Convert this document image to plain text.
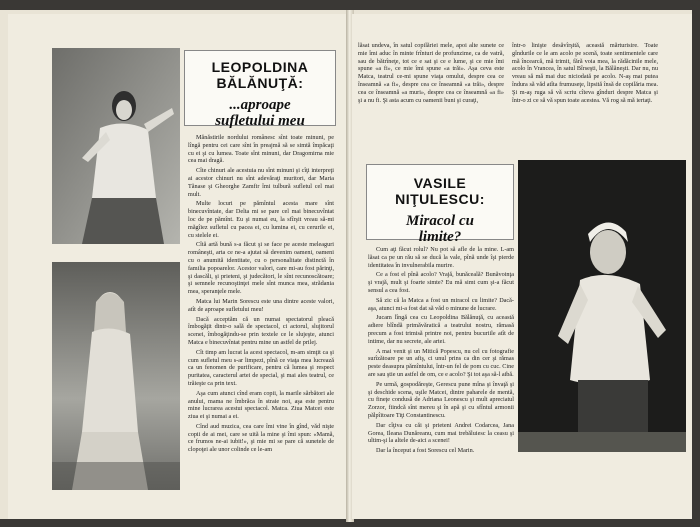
LEOPOLDINA BĂLĂNUŢĂ:
...aproape
sufletului meu

Mănăstirile nordului românesc sînt toate minuni, pe lîngă pentru cei care sînt în preajmă să se simtă împăcaţi cu ei şi cu lumea. Toate sînt minuni, dar Dragomirna mie cea mai dragă.

Cîte chinuri ale acestuia nu sînt minuni şi cîţi interpreţi ai acestor chinuri nu sînt adevăraţi muritori, dar Maria Tănase şi Gheorghe Zamfir îmi tulbură sufletul cel mai mult.

Multe locuri pe pămîntul acesta mare sînt binecuvîntate, dar Delta mi se pare cel mai binecuvîntat loc de pe pămînt. Eu şi numai eu, la sfîrşit vreau să-mi măgîiez sufletul cu pacea ei, cu lumina ei, cu cerurile ei, cu stelele ei.

Cîtă artă bună s-a făcut şi se face pe aceste meleaguri româneşti, arta ce ne-a ajutat să devenim oameni, oameni cu o anumită identitate, cu o personalitate distinctă în familia popoarelor. Acestor valori, care mi-au fost părinţi, şi dascăli, şi prieteni, şi judecători, le sînt recunoscătoare; şi semnele recunoştinţei mele sînt munca mea, strădania mea, speranţele mele.

Matca lui Marin Sorescu este una dintre aceste valori, atît de aproape sufletului meu!

Dacă acceptăm că un numai spectatorul pleacă îmbogăţit dintr-o sală de spectacol, ci actorul, slujitorul scenei, îmbogăţindu-se prin textele ce le slujeşte, atunci Matca e binecuvîntat pentru mine un astfel de prilej.

Cît timp am lucrat la acest spectacol, m-am simţit ca şi cum sufletul meu s-ar limpezi, pînă ce viaţa mea lucrează ca un fenomen de purificare, pentru că lumea şi respect puritatea, caracterul artei de special, şi mai ales teatrul, ce trăieşte ca prin text.

Aşa cum atunci cînd eram copii, la marile sărbători ale anului, mama ne îmbrăca în straie noi, aşa este pentru mine lucrarea acestui spectacol. Matca. Ziua Matcei este ziua ei şi numai a ei.

Cînd aud muzica, cea care îmi vine în gînd, văd nişte copii de ai mei, care se uită la mine şi îmi spun: «Mamă, ce frumos ne-ai iubit!», şi mie mi se pare că sunetele de clopoţei ale unor colinde ce le-am

lăsat undeva, în satul copilăriei mele, apoi alte sunete ce mie îmi aduc în minte frînturi de profunzime, ca de vatră, sau de bătrîneţe, tot ce e sat şi ce e lume, şi ce mie îmi spune «a fi», ce mie îmi spune «a trăi». Aşa ceva este Matca, teatrul ce-mi spune viaţa omului, despre cea ce înseamnă «a fi», despre cea ce înseamnă «a trăi», despre cea ce înseamnă «a muri», despre cea ce înseamnă «a fi» şi a nu fi. Şi asta acum cu oamenii buni şi curaţi,

într-o linişte desăvîrşită, această mărturisire. Toate gîndurile ce le am acolo pe scenă, toate sentimentele care mă încearcă, mă trimit, fără voia mea, la rădăcinile mele, acolo în Vrancea, în satul Bîrseşti, la Bălăneşti. Dar nu, nu vreau să mă mai duc niciodată pe acolo. N-aş mai putea îndura să văd atîta frumuseţe, lipsită însă de copilăria mea. Şi m-aş ruga să vă scriu cîteva gînduri despre Matca şi într-o zi ce să vă spun toate acestea. Vă rog să mă iertaţi.

VASILE NIŢULESCU:
Miracol cu
limite?

Cum aţi făcut rolul? Nu pot să afle de la mine. L-am lăsat ca pe un rău să se ducă la vale, pînă unde îşi pierde identitatea în invulnerabila murire.

Ce a fost el pînă acolo? Vrajă, bunăceală? Bunăvoinţa şi vrajă, mult şi foarte simte? Eu mă simt cum şi-a făcut sensul a cea fost.

Să zic că la Matca a fost un miracol cu limite? Dacă-aşa, atunci mi-a fost dat să văd o minune de lucrare.

Jucam lîngă cea cu Leopoldina Bălănuţă, cu această adiere blîndă primăvăratică a teatrului nostru, rămasă precum a fost trimisă printre noi, pentru bucuriile atît de intime, dar nu secrete, ale artei.

A mai venit şi un Mitică Popescu, nu cel cu fotografie surîzătoare pe un afiş, ci unul prins ca din cer şi rămas peste deasupra pămîntului, într-un fel de pom cu cuc. Cine are sau ştie un astfel de om, ce e acolo? Şi tot aşa să-l aibă.

Pe urmă, gospodăreşte, Gerescu pune mîna şi învaţă şi şi deschide scena, uşile Matcei, dintre paharele de mentă, cu fineţe condusă de Adriana Leonescu şi mult apreciatul Zorzor, fiindcă sînt mereu şi în apă şi cu sfîntul armonii pălpîitoare Tiţi Constantinescu.

Dar cîţiva cu căi şi prieteni Andrei Codarcea, Jana Gorea, Ileana Dunăreanu, cum mai trebăluiesc la ceasu şi ultim-şi la altele de-aici a scenei!

Dar la început a fost Sorescu cel Marin.
